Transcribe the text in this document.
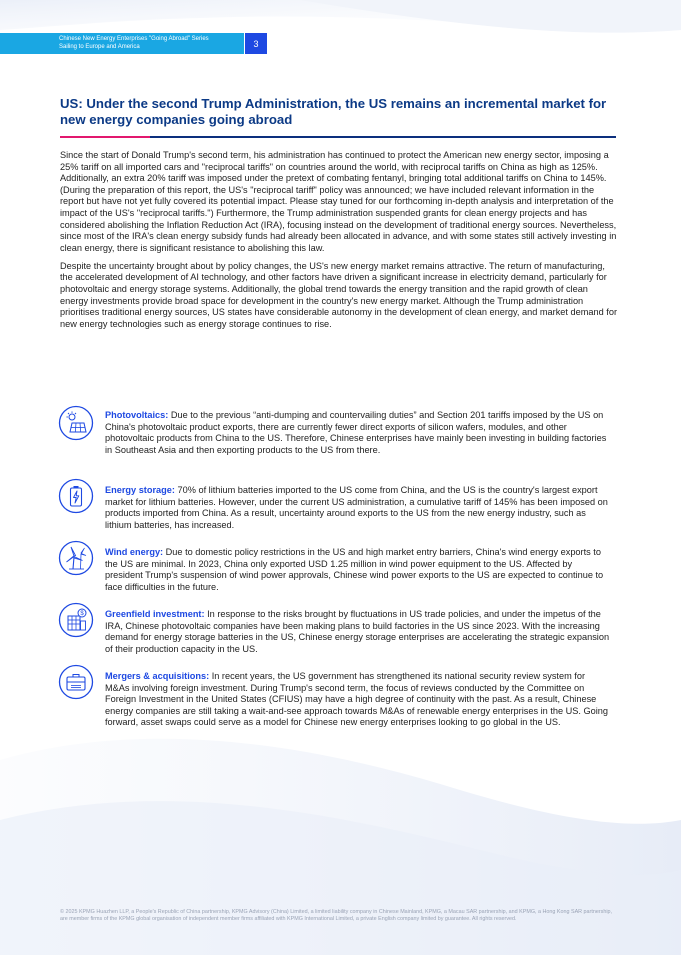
Chinese New Energy Enterprises "Going Abroad" Series
Sailing to Europe and America	3
US: Under the second Trump Administration, the US remains an incremental market for new energy companies going abroad

Since the start of Donald Trump's second term, his administration has continued to protect the American new energy sector, imposing a 25% tariff on all imported cars and "reciprocal tariffs" on countries around the world, with reciprocal tariffs on China as high as 125%. Additionally, an extra 20% tariff was imposed under the pretext of combating fentanyl, bringing total additional tariffs on China to 145%. (During the preparation of this report, the US's "reciprocal tariff" policy was announced; we have included relevant information in the report but have not yet fully covered its potential impact. Please stay tuned for our forthcoming in-depth analysis and interpretation of the impact of the US's "reciprocal tariffs.") Furthermore, the Trump administration suspended grants for clean energy projects and has considered abolishing the Inflation Reduction Act (IRA), focusing instead on the development of traditional energy sources. Nevertheless, since most of the IRA's clean energy subsidy funds had already been allocated in advance, and with some states still actively investing in clean energy, there is significant resistance to abolishing this law.

Despite the uncertainty brought about by policy changes, the US's new energy market remains attractive. The return of manufacturing, the accelerated development of AI technology, and other factors have driven a significant increase in electricity demand, particularly for photovoltaic and energy storage systems. Additionally, the global trend towards the energy transition and the rapid growth of clean energy investments provide broad space for development in the country's new energy market. Although the Trump administration prioritises traditional energy sources, US states have considerable autonomy in the development of clean energy, and market demand for new energy technologies such as energy storage continues to rise.

Photovoltaics: Due to the previous “anti-dumping and countervailing duties” and Section 201 tariffs imposed by the US on China's photovoltaic product exports, there are currently fewer direct exports of silicon wafers, modules, and other photovoltaic products from China to the US. Therefore, Chinese enterprises have mainly been investing in building factories in Southeast Asia and then exporting products to the US from there.
Energy storage: 70% of lithium batteries imported to the US come from China, and the US is the country's largest export market for lithium batteries. However, under the current US administration, a cumulative tariff of 145% has been imposed on products imported from China. As a result, uncertainty around exports to the US from the new energy industry, such as lithium batteries, has increased.
Wind energy: Due to domestic policy restrictions in the US and high market entry barriers, China's wind energy exports to the US are minimal. In 2023, China only exported USD 1.25 million in wind power equipment to the US. Affected by president Trump's suspension of wind power approvals, Chinese wind power exports to the US are expected to continue to face difficulties in the future.
$ Greenfield investment: In response to the risks brought by fluctuations in US trade policies, and under the impetus of the IRA, Chinese photovoltaic companies have been making plans to build factories in the US since 2023. With the increasing demand for energy storage batteries in the US, Chinese energy storage enterprises are accelerating the strategic expansion of their production capacity in the US.
Mergers & acquisitions: In recent years, the US government has strengthened its national security review system for M&As involving foreign investment. During Trump's second term, the focus of reviews conducted by the Committee on Foreign Investment in the United States (CFIUS) may have a high degree of continuity with the past. As a result, Chinese energy companies are still taking a wait-and-see approach towards M&As of renewable energy enterprises in the US. Going forward, asset swaps could serve as a model for Chinese new energy enterprises looking to go global in the US.
© 2025 KPMG Huazhen LLP, a People's Republic of China partnership, KPMG Advisory (China) Limited, a limited liability company in Chinese Mainland, KPMG, a Macau SAR partnership, and KPMG, a Hong Kong SAR partnership, are member firms of the KPMG global organisation of independent member firms affiliated with KPMG International Limited, a private English company limited by guarantee. All rights reserved.
